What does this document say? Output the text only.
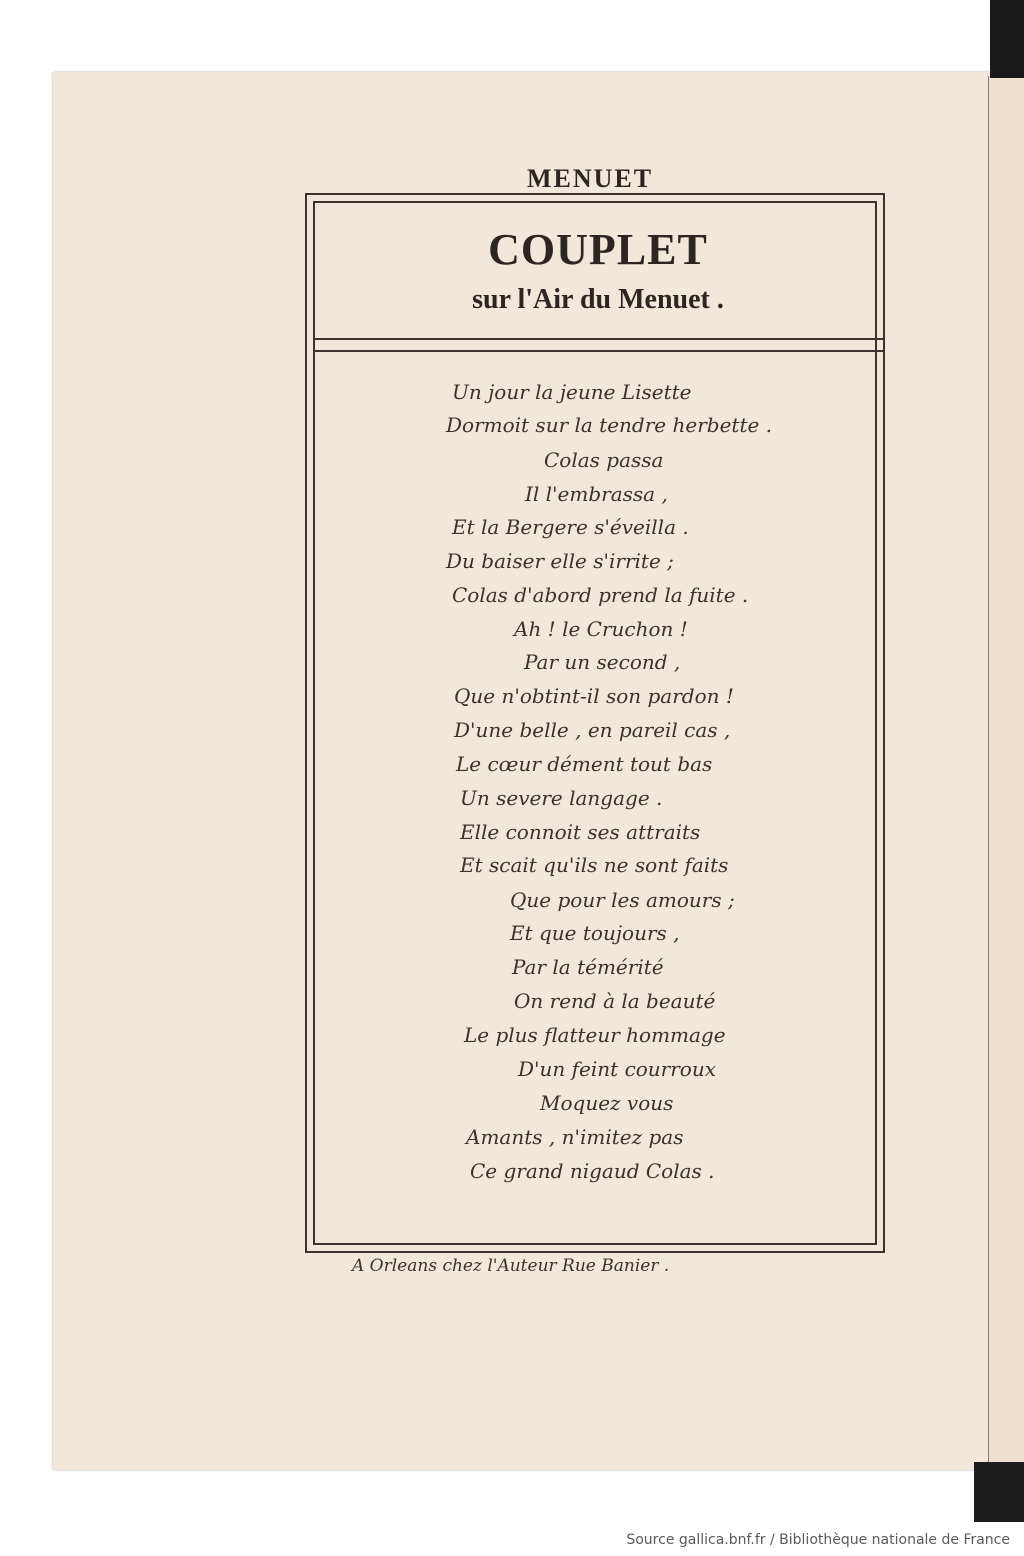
MENUET
COUPLET
sur l'Air du Menuet .
Un jour la jeune Lisette
Dormoit sur la tendre herbette .
Colas passa
Il l'embrassa ,
Et la Bergere s'éveilla .
Du baiser elle s'irrite ;
Colas d'abord prend la fuite .
Ah ! le Cruchon !
Par un second ,
Que n'obtint-il son pardon !
D'une belle , en pareil cas ,
Le cœur dément tout bas
Un severe langage .
Elle connoit ses attraits
Et scait qu'ils ne sont faits
Que pour les amours ;
Et que toujours ,
Par la témérité
On rend à la beauté
Le plus flatteur hommage
D'un feint courroux
Moquez vous
Amants , n'imitez pas
Ce grand nigaud Colas .
A Orleans chez l'Auteur Rue Banier .
Source gallica.bnf.fr / Bibliothèque nationale de France
